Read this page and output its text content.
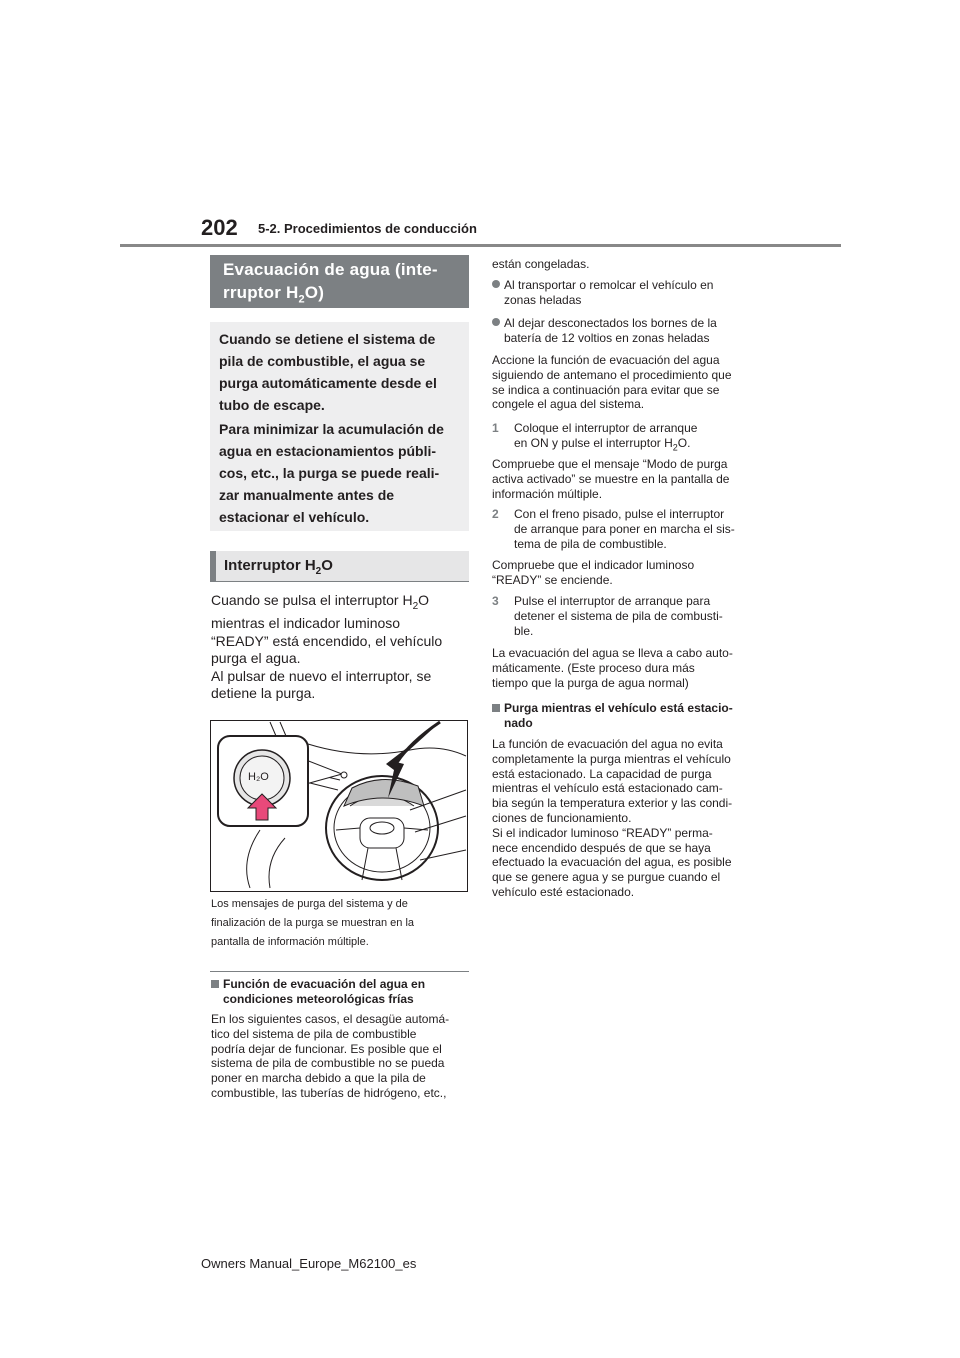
202 5-2. Procedimientos de conducción
Evacuación de agua (inte-
rruptor $H_2O$)

Cuando se detiene el sistema de

pila de combustible, el agua se

purga automáticamente desde el

tubo de escape.

Para minimizar la acumulación de

agua en estacionamientos públi-

cos, etc., la purga se puede reali-

zar manualmente antes de

estacionar el vehículo.

Interruptor $H_2O$
Cuando se pulsa el interruptor $H_2O$
mientras el indicador luminoso
“READY” está encendido, el vehículo
purga el agua.
Al pulsar de nuevo el interruptor, se
detiene la purga.
H₂O
Los mensajes de purga del sistema y de
finalización de la purga se muestran en la
pantalla de información múltiple.
Función de evacuación del agua en
condiciones meteorológicas frías
En los siguientes casos, el desagüe automá-
tico del sistema de pila de combustible
podría dejar de funcionar. Es posible que el
sistema de pila de combustible no se pueda
poner en marcha debido a que la pila de
combustible, las tuberías de hidrógeno, etc.,
están congeladas.
Al transportar o remolcar el vehículo en
zonas heladas
Al dejar desconectados los bornes de la
batería de 12 voltios en zonas heladas
Accione la función de evacuación del agua
siguiendo de antemano el procedimiento que
se indica a continuación para evitar que se
congele el agua del sistema.
1 Coloque el interruptor de arranque
en ON y pulse el interruptor $H_2O$.
Compruebe que el mensaje “Modo de purga
activa activado” se muestre en la pantalla de
información múltiple.
2 Con el freno pisado, pulse el interruptor
de arranque para poner en marcha el sis-
tema de pila de combustible.
Compruebe que el indicador luminoso
“READY” se enciende.
3 Pulse el interruptor de arranque para
detener el sistema de pila de combusti-
ble.
La evacuación del agua se lleva a cabo auto-
máticamente. (Este proceso dura más
tiempo que la purga de agua normal)
Purga mientras el vehículo está estacio-
nado
La función de evacuación del agua no evita
completamente la purga mientras el vehículo
está estacionado. La capacidad de purga
mientras el vehículo está estacionado cam-
bia según la temperatura exterior y las condi-
ciones de funcionamiento.
Si el indicador luminoso “READY” perma-
nece encendido después de que se haya
efectuado la evacuación del agua, es posible
que se genere agua y se purgue cuando el
vehículo esté estacionado.
Owners Manual_Europe_M62100_es
